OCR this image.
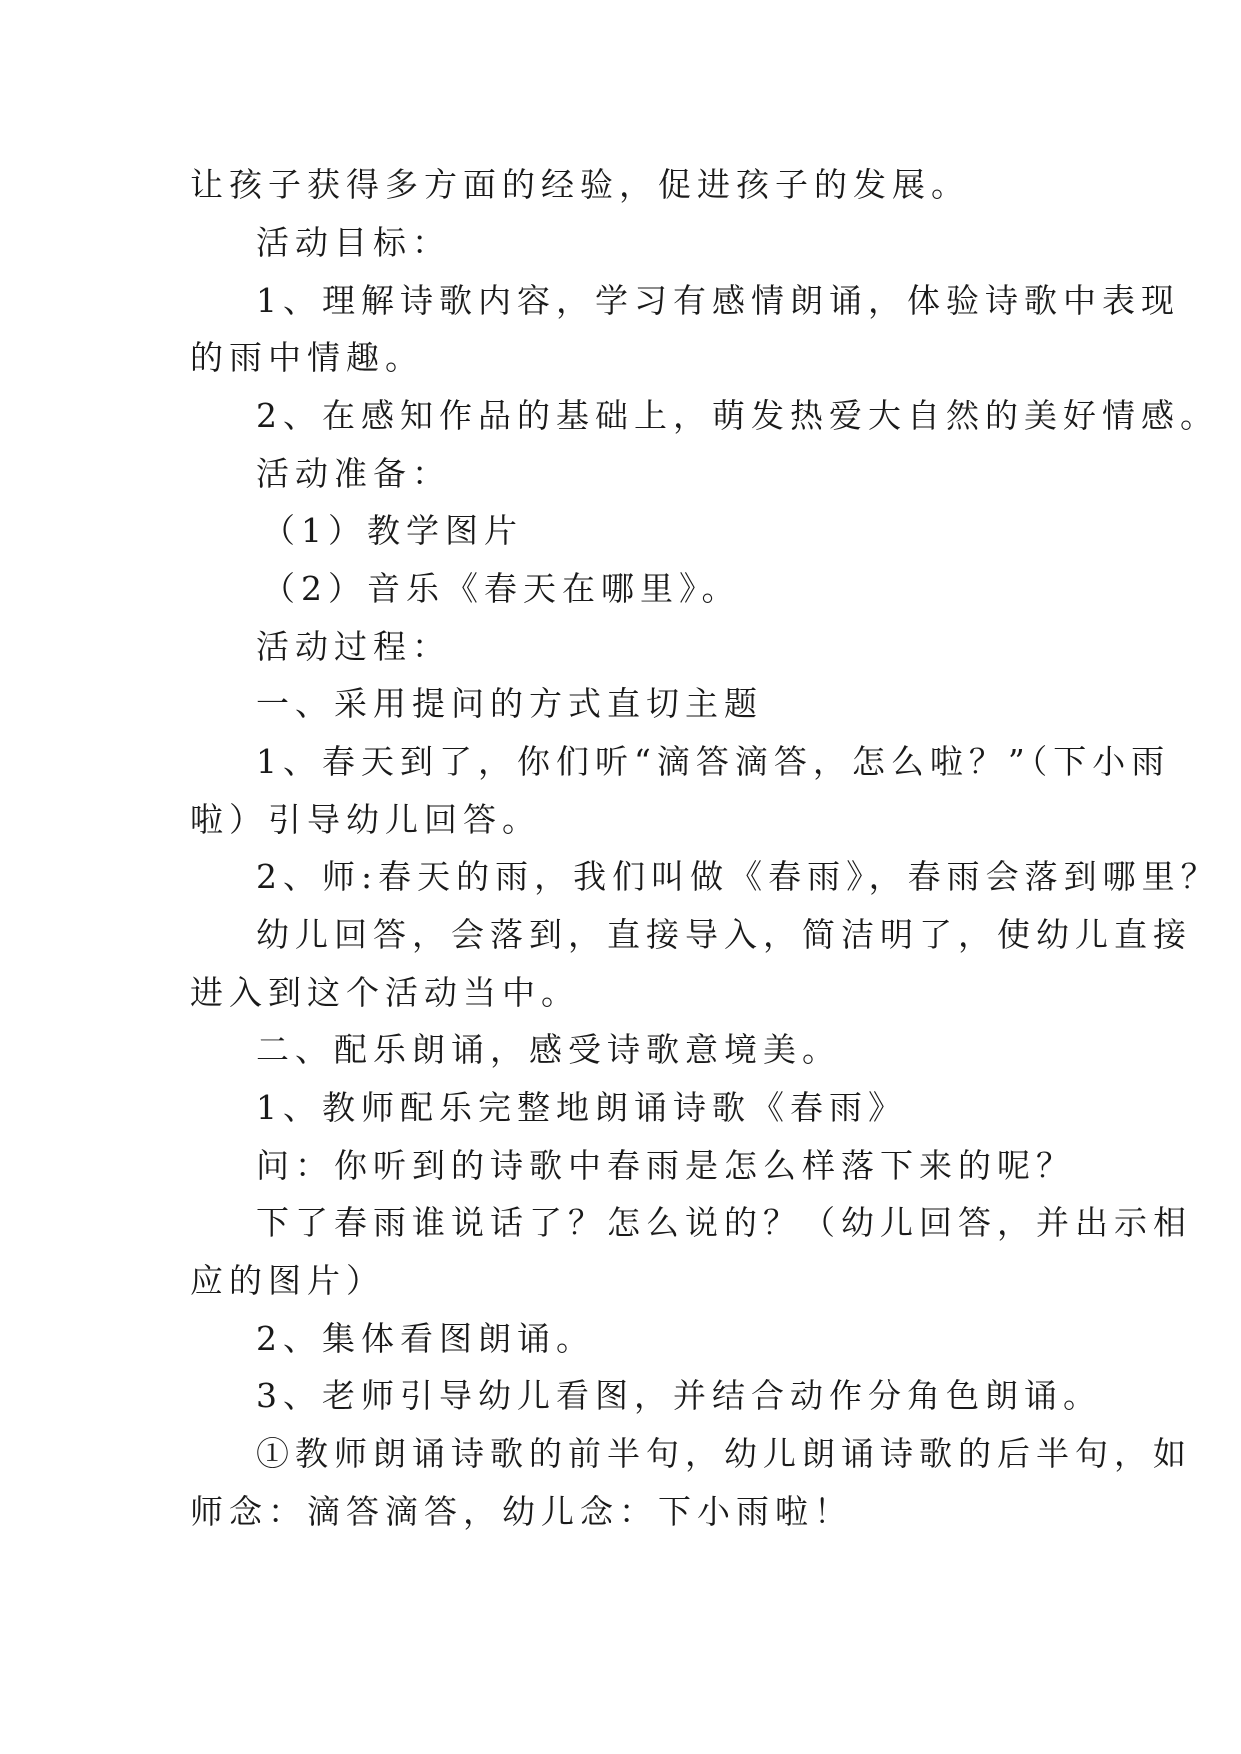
让孩子获得多方面的经验，促进孩子的发展。
活动目标：
1、理解诗歌内容，学习有感情朗诵，体验诗歌中表现
的雨中情趣。
2、在感知作品的基础上，萌发热爱大自然的美好情感。
活动准备：
（1）教学图片
（2）音乐《春天在哪里》。
活动过程：
一、采用提问的方式直切主题
1、春天到了，你们听“滴答滴答，怎么啦？”（下小雨
啦）引导幼儿回答。
2、师:春天的雨，我们叫做《春雨》，春雨会落到哪里？
幼儿回答，会落到，直接导入，简洁明了，使幼儿直接
进入到这个活动当中。
二、配乐朗诵，感受诗歌意境美。
1、教师配乐完整地朗诵诗歌《春雨》
问：你听到的诗歌中春雨是怎么样落下来的呢？
下了春雨谁说话了？怎么说的？（幼儿回答，并出示相
应的图片）
2、集体看图朗诵。
3、老师引导幼儿看图，并结合动作分角色朗诵。
①教师朗诵诗歌的前半句，幼儿朗诵诗歌的后半句，如
师念：滴答滴答，幼儿念：下小雨啦！
